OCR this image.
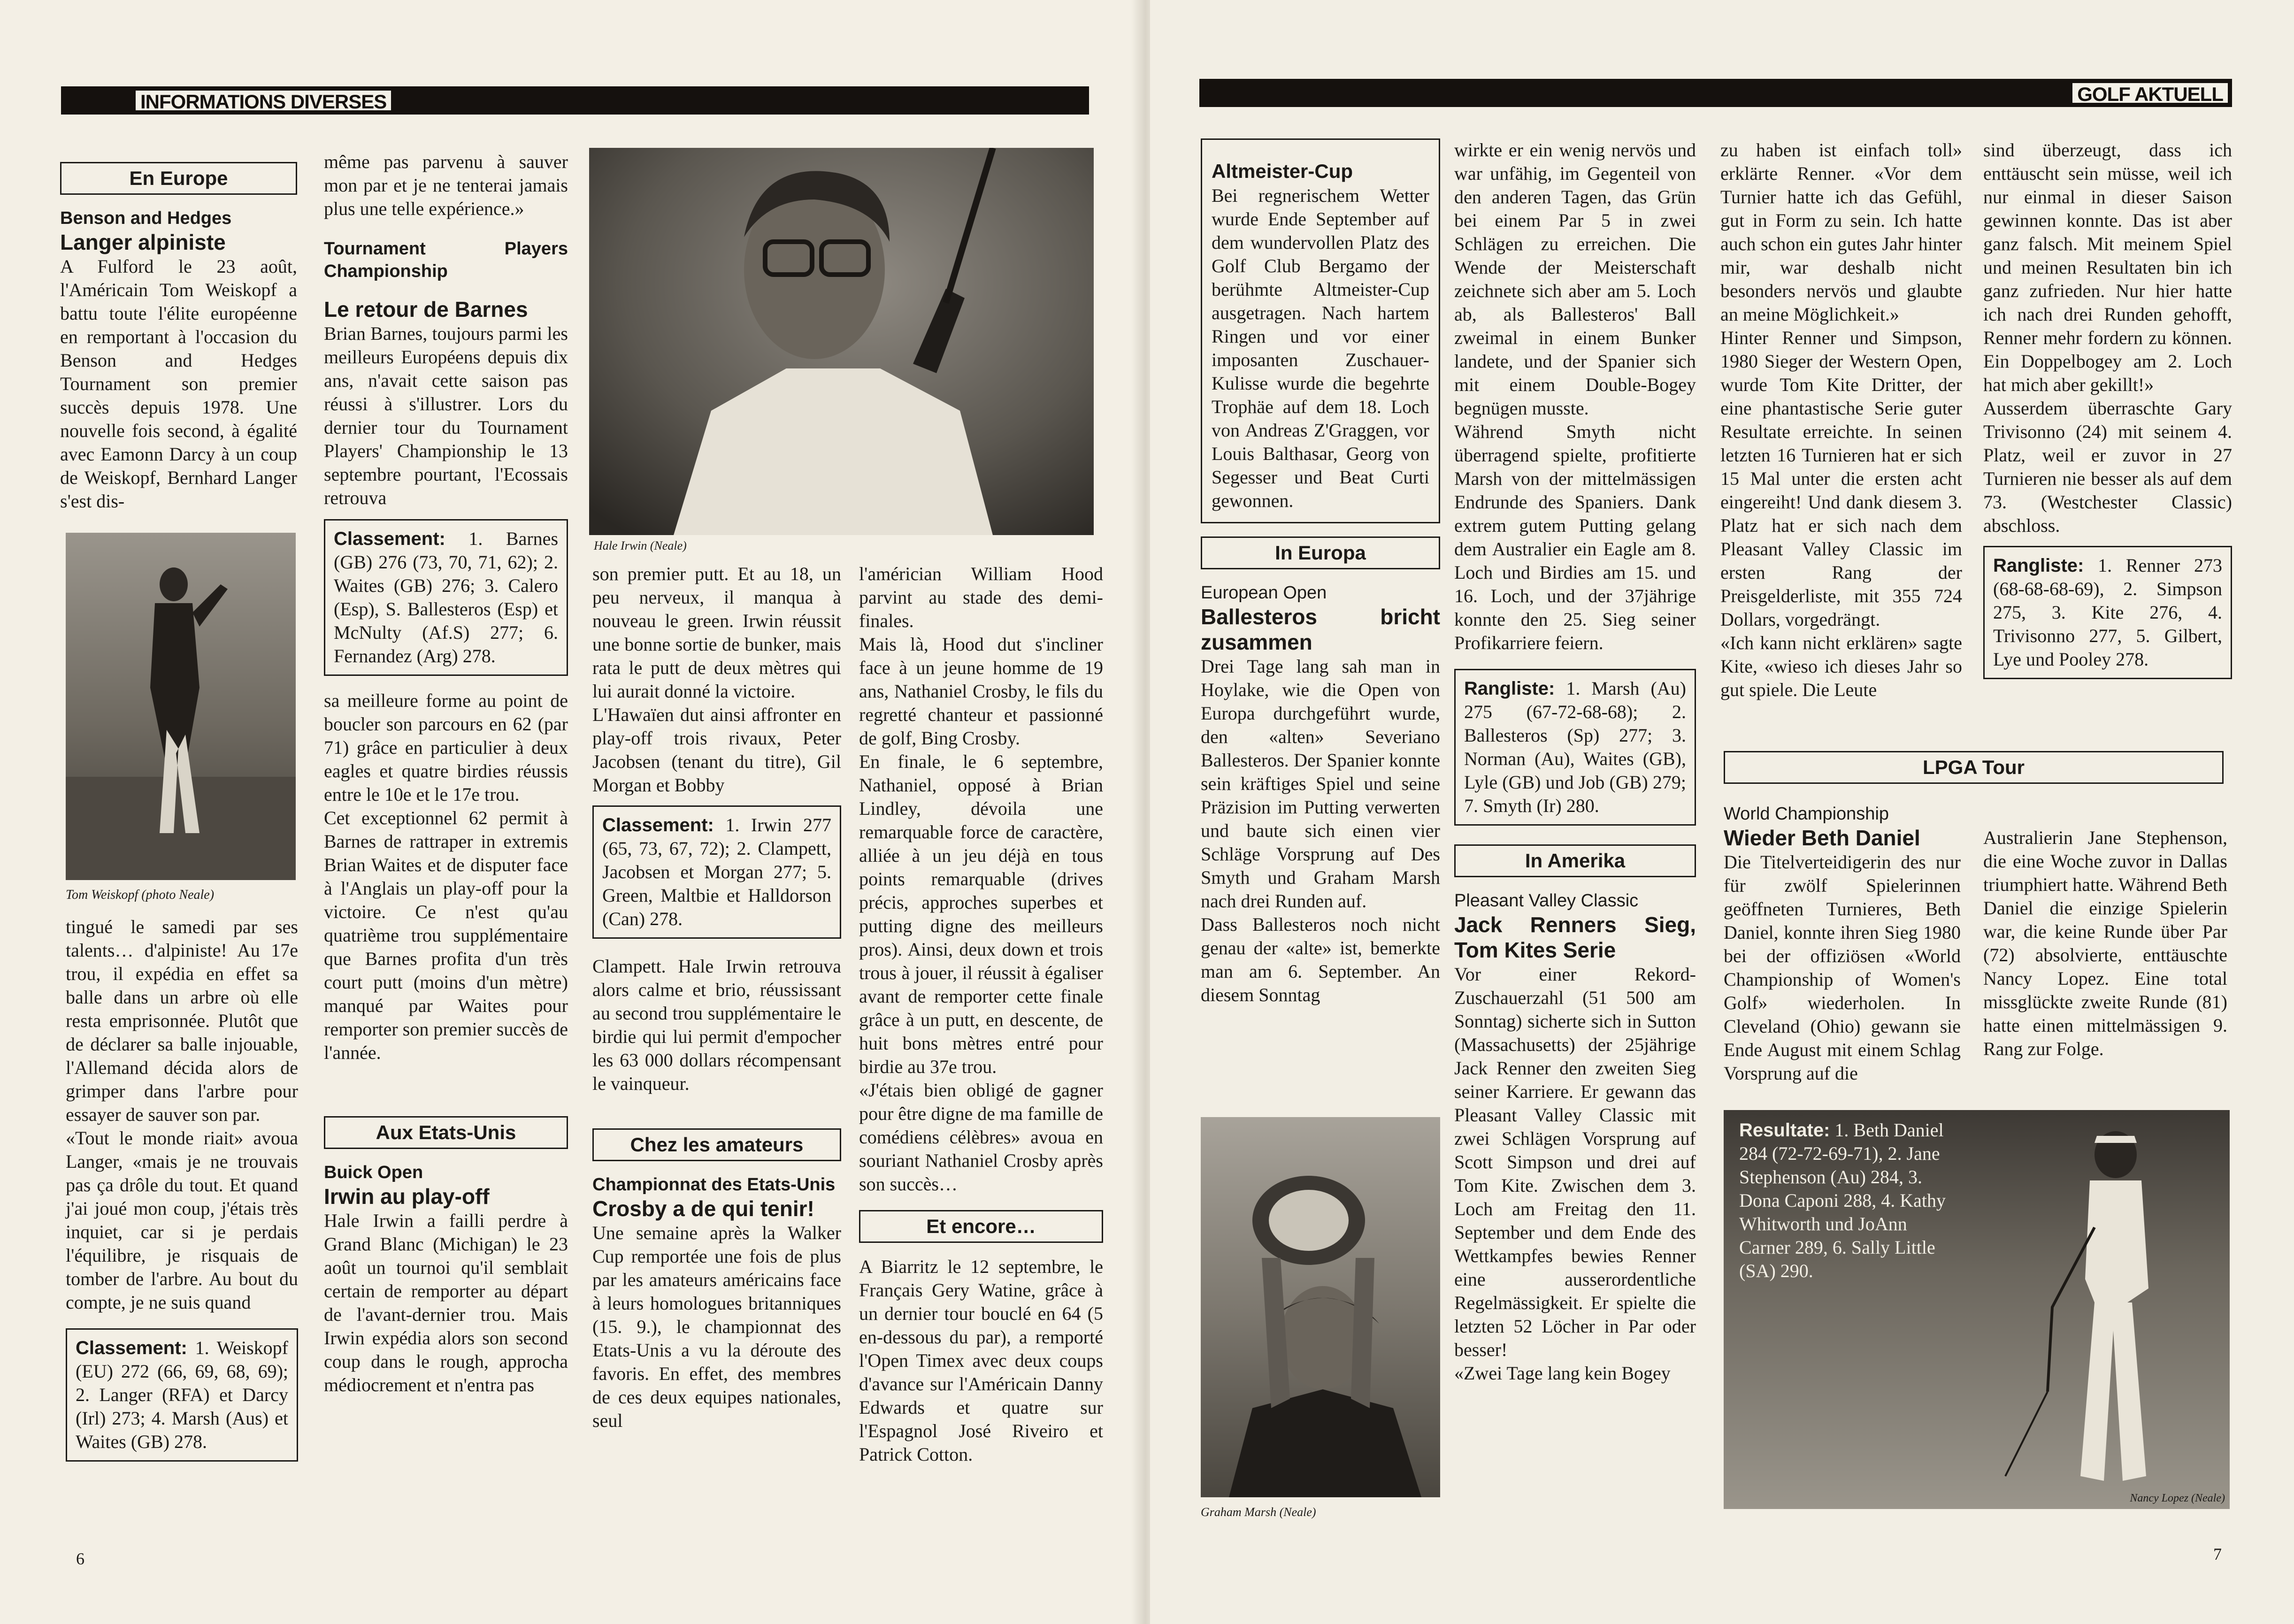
INFORMATIONS DIVERSES
En Europe
Benson and Hedges
Langer alpiniste

A Fulford le 23 août, l'Américain Tom Weiskopf a battu toute l'élite européenne en remportant à l'occasion du Benson and Hedges Tournament son premier succès depuis 1978. Une nouvelle fois second, à égalité avec Eamonn Darcy à un coup de Weiskopf, Bernhard Langer s'est dis-

Tom Weiskopf (photo Neale)

tingué le samedi par ses talents… d'alpiniste! Au 17e trou, il expédia en effet sa balle dans un arbre où elle resta emprisonnée. Plutôt que de déclarer sa balle injouable, l'Allemand décida alors de grimper dans l'arbre pour essayer de sauver son par.

«Tout le monde riait» avoua Langer, «mais je ne trouvais pas ça drôle du tout. Et quand j'ai joué mon coup, j'étais très inquiet, car si je perdais l'équilibre, je risquais de tomber de l'arbre. Au bout du compte, je ne suis quand

Classement: 1. Weiskopf (EU) 272 (66, 69, 68, 69); 2. Langer (RFA) et Darcy (Irl) 273; 4. Marsh (Aus) et Waites (GB) 278.
6

même pas parvenu à sauver mon par et je ne tenterai jamais plus une telle expérience.»

Tournament Players Championship
Le retour de Barnes

Brian Barnes, toujours parmi les meilleurs Européens depuis dix ans, n'avait cette saison pas réussi à s'illustrer. Lors du dernier tour du Tournament Players' Championship le 13 septembre pourtant, l'Ecossais retrouva

Classement: 1. Barnes (GB) 276 (73, 70, 71, 62); 2. Waites (GB) 276; 3. Calero (Esp), S. Ballesteros (Esp) et McNulty (Af.S) 277; 6. Fernandez (Arg) 278.

sa meilleure forme au point de boucler son parcours en 62 (par 71) grâce en particulier à deux eagles et quatre birdies réussis entre le 10e et le 17e trou.

Cet exceptionnel 62 permit à Barnes de rattraper in extremis Brian Waites et de disputer face à l'Anglais un play-off pour la victoire. Ce n'est qu'au quatrième trou supplémentaire que Barnes profita d'un très court putt (moins d'un mètre) manqué par Waites pour remporter son premier succès de l'année.

Aux Etats-Unis
Buick Open
Irwin au play-off

Hale Irwin a failli perdre à Grand Blanc (Michigan) le 23 août un tournoi qu'il semblait certain de remporter au départ de l'avant-dernier trou. Mais Irwin expédia alors son second coup dans le rough, approcha médiocrement et n'entra pas

Hale Irwin (Neale)

son premier putt. Et au 18, un peu nerveux, il manqua à nouveau le green. Irwin réussit une bonne sortie de bunker, mais rata le putt de deux mètres qui lui aurait donné la victoire.

L'Hawaïen dut ainsi affronter en play-off trois rivaux, Peter Jacobsen (tenant du titre), Gil Morgan et Bobby

Classement: 1. Irwin 277 (65, 73, 67, 72); 2. Clampett, Jacobsen et Morgan 277; 5. Green, Maltbie et Halldorson (Can) 278.

Clampett. Hale Irwin retrouva alors calme et brio, réussissant au second trou supplémentaire le birdie qui lui permit d'empocher les 63 000 dollars récompensant le vainqueur.

Chez les amateurs
Championnat des Etats-Unis
Crosby a de qui tenir!

Une semaine après la Walker Cup remportée une fois de plus par les amateurs américains face à leurs homologues britanniques (15. 9.), le championnat des Etats-Unis a vu la déroute des favoris. En effet, des membres de ces deux equipes nationales, seul

l'américian William Hood parvint au stade des demi-finales.

Mais là, Hood dut s'incliner face à un jeune homme de 19 ans, Nathaniel Crosby, le fils du regretté chanteur et passionné de golf, Bing Crosby.

En finale, le 6 septembre, Nathaniel, opposé à Brian Lindley, dévoila une remarquable force de caractère, alliée à un jeu déjà en tous points remarquable (drives précis, approches superbes et putting digne des meilleurs pros). Ainsi, deux down et trois trous à jouer, il réussit à égaliser avant de remporter cette finale grâce à un putt, en descente, de huit bons mètres entré pour birdie au 37e trou.

«J'étais bien obligé de gagner pour être digne de ma famille de comédiens célèbres» avoua en souriant Nathaniel Crosby après son succès…

Et encore…

A Biarritz le 12 septembre, le Français Gery Watine, grâce à un dernier tour bouclé en 64 (5 en-dessous du par), a remporté l'Open Timex avec deux coups d'avance sur l'Américain Danny Edwards et quatre sur l'Espagnol José Riveiro et Patrick Cotton.

GOLF AKTUELL
Altmeister-Cup

Bei regnerischem Wetter wurde Ende September auf dem wundervollen Platz des Golf Club Bergamo der berühmte Altmeister-Cup ausgetragen. Nach hartem Ringen und vor einer imposanten Zuschauer-Kulisse wurde die begehrte Trophäe auf dem 18. Loch von Andreas Z'Graggen, vor Louis Balthasar, Georg von Segesser und Beat Curti gewonnen.

In Europa
European Open
Ballesteros bricht zusammen

Drei Tage lang sah man in Hoylake, wie die Open von Europa durchgeführt wurde, den «alten» Severiano Ballesteros. Der Spanier konnte sein kräftiges Spiel und seine Präzision im Putting verwerten und baute sich einen vier Schläge Vorsprung auf Des Smyth und Graham Marsh nach drei Runden auf.

Dass Ballesteros noch nicht genau der «alte» ist, bemerkte man am 6. September. An diesem Sonntag

Graham Marsh (Neale)

wirkte er ein wenig nervös und war unfähig, im Gegenteil von den anderen Tagen, das Grün bei einem Par 5 in zwei Schlägen zu erreichen. Die Wende der Meisterschaft zeichnete sich aber am 5. Loch ab, als Ballesteros' Ball zweimal in einem Bunker landete, und der Spanier sich mit einem Double-Bogey begnügen musste.

Während Smyth nicht überragend spielte, profitierte Marsh von der mittelmässigen Endrunde des Spaniers. Dank extrem gutem Putting gelang dem Australier ein Eagle am 8. Loch und Birdies am 15. und 16. Loch, und der 37jährige konnte den 25. Sieg seiner Profikarriere feiern.

Rangliste: 1. Marsh (Au) 275 (67-72-68-68); 2. Ballesteros (Sp) 277; 3. Norman (Au), Waites (GB), Lyle (GB) und Job (GB) 279; 7. Smyth (Ir) 280.
In Amerika
Pleasant Valley Classic
Jack Renners Sieg, Tom Kites Serie

Vor einer Rekord-Zuschauerzahl (51 500 am Sonntag) sicherte sich in Sutton (Massachusetts) der 25jährige Jack Renner den zweiten Sieg seiner Karriere. Er gewann das Pleasant Valley Classic mit zwei Schlägen Vorsprung auf Scott Simpson und drei auf Tom Kite. Zwischen dem 3. Loch am Freitag den 11. September und dem Ende des Wettkampfes bewies Renner eine ausserordentliche Regelmässigkeit. Er spielte die letzten 52 Löcher in Par oder besser!

«Zwei Tage lang kein Bogey

zu haben ist einfach toll» erklärte Renner. «Vor dem Turnier hatte ich das Gefühl, gut in Form zu sein. Ich hatte auch schon ein gutes Jahr hinter mir, war deshalb nicht besonders nervös und glaubte an meine Möglichkeit.»

Hinter Renner und Simpson, 1980 Sieger der Western Open, wurde Tom Kite Dritter, der eine phantastische Serie guter Resultate erreichte. In seinen letzten 16 Turnieren hat er sich 15 Mal unter die ersten acht eingereiht! Und dank diesem 3. Platz hat er sich nach dem Pleasant Valley Classic im ersten Rang der Preisgelderliste, mit 355 724 Dollars, vorgedrängt.

«Ich kann nicht erklären» sagte Kite, «wieso ich dieses Jahr so gut spiele. Die Leute

sind überzeugt, dass ich enttäuscht sein müsse, weil ich nur einmal in dieser Saison gewinnen konnte. Das ist aber ganz falsch. Mit meinem Spiel und meinen Resultaten bin ich ganz zufrieden. Nur hier hatte ich nach drei Runden gehofft, Renner mehr fordern zu können. Ein Doppelbogey am 2. Loch hat mich aber gekillt!»

Ausserdem überraschte Gary Trivisonno (24) mit seinem 4. Platz, weil er zuvor in 27 Turnieren nie besser als auf dem 73. (Westchester Classic) abschloss.

Rangliste: 1. Renner 273 (68-68-68-69), 2. Simpson 275, 3. Kite 276, 4. Trivisonno 277, 5. Gilbert, Lye und Pooley 278.
LPGA Tour
World Championship
Wieder Beth Daniel

Die Titelverteidigerin des nur für zwölf Spielerinnen geöffneten Turnieres, Beth Daniel, konnte ihren Sieg 1980 bei der offiziösen «World Championship of Women's Golf» wiederholen. In Cleveland (Ohio) gewann sie Ende August mit einem Schlag Vorsprung auf die

Australierin Jane Stephenson, die eine Woche zuvor in Dallas triumphiert hatte. Während Beth Daniel die einzige Spielerin war, die keine Runde über Par (72) absolvierte, enttäuschte Nancy Lopez. Eine total missglückte zweite Runde (81) hatte einen mittelmässigen 9. Rang zur Folge.

Resultate: 1. Beth Daniel 284 (72-72-69-71), 2. Jane Stephenson (Au) 284, 3. Dona Caponi 288, 4. Kathy Whitworth und JoAnn Carner 289, 6. Sally Little (SA) 290.
Nancy Lopez (Neale)
7
